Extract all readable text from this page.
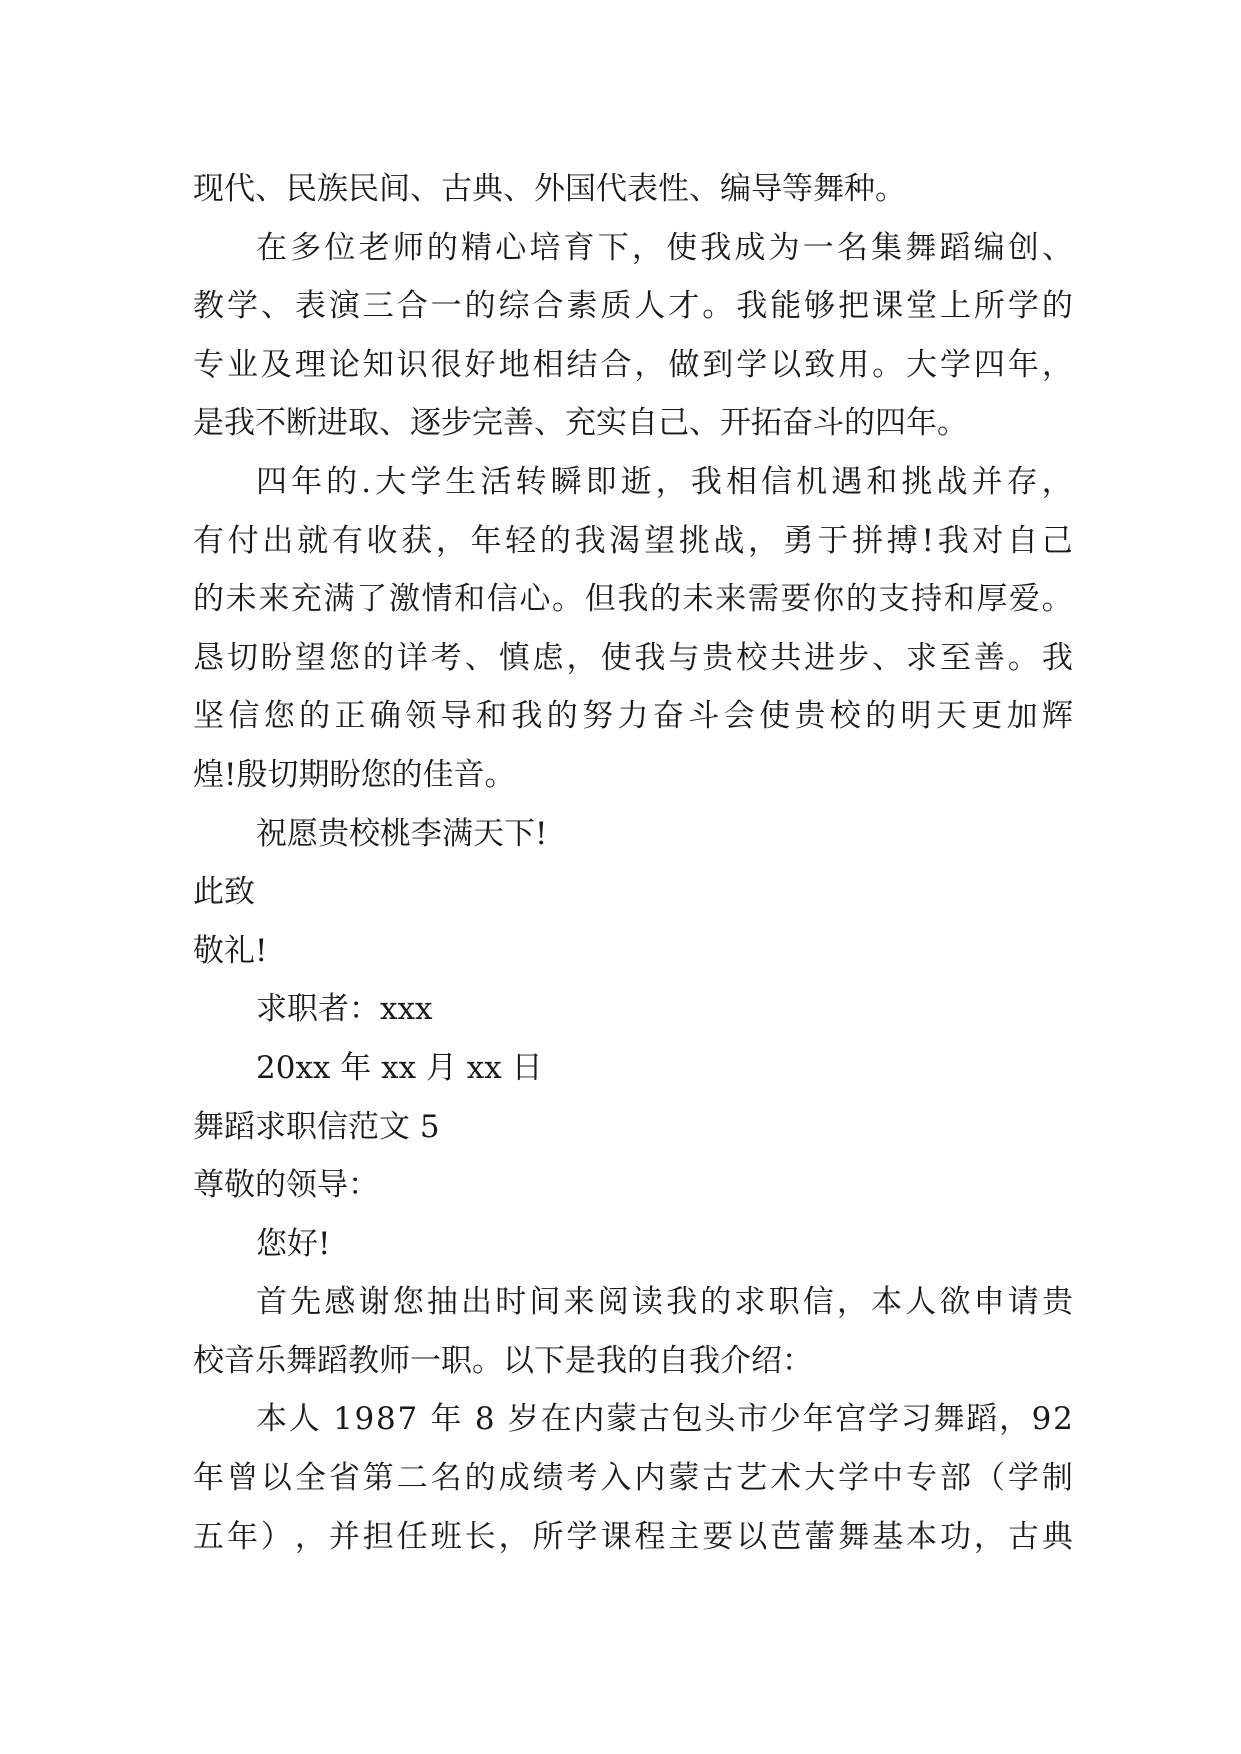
现代、民族民间、古典、外国代表性、编导等舞种。
在 多 位 老 师 的 精 心 培 育 下 ， 使 我 成 为 一 名 集 舞 蹈 编 创 、
教 学 、 表 演 三 合 一 的 综 合 素 质 人 才 。 我 能 够 把 课 堂 上 所 学 的
专 业 及 理 论 知 识 很 好 地 相 结 合 ， 做 到 学 以 致 用 。 大 学 四 年 ，
是我不断进取、逐步完善、充实自己、开拓奋斗的四年。
四 年 的 . 大 学 生 活 转 瞬 即 逝 ， 我 相 信 机 遇 和 挑 战 并 存 ，
有 付 出 就 有 收 获 ， 年 轻 的 我 渴 望 挑 战 ， 勇 于 拼 搏 ! 我 对 自 己
的 未 来 充 满 了 激 情 和 信 心 。 但 我 的 未 来 需 要 你 的 支 持 和 厚 爱 。
恳 切 盼 望 您 的 详 考 、 慎 虑 ， 使 我 与 贵 校 共 进 步 、 求 至 善 。 我
坚 信 您 的 正 确 领 导 和 我 的 努 力 奋 斗 会 使 贵 校 的 明 天 更 加 辉
煌!殷切期盼您的佳音。
祝愿贵校桃李满天下!
此致
敬礼!
求职者：xxx
20xx 年 xx 月 xx 日
舞蹈求职信范文 5
尊敬的领导：
您好!
首 先 感 谢 您 抽 出 时 间 来 阅 读 我 的 求 职 信 ， 本 人 欲 申 请 贵
校音乐舞蹈教师一职。以下是我的自我介绍：
本 人
1 9 8 7
年
8
岁 在 内 蒙 古 包 头 市 少 年 宫 学 习 舞 蹈 ， 9 2
年 曾 以 全 省 第 二 名 的 成 绩 考 入 内 蒙 古 艺 术 大 学 中 专 部 （ 学 制
五 年 ） ， 并 担 任 班 长 ， 所 学 课 程 主 要 以 芭 蕾 舞 基 本 功 ， 古 典
